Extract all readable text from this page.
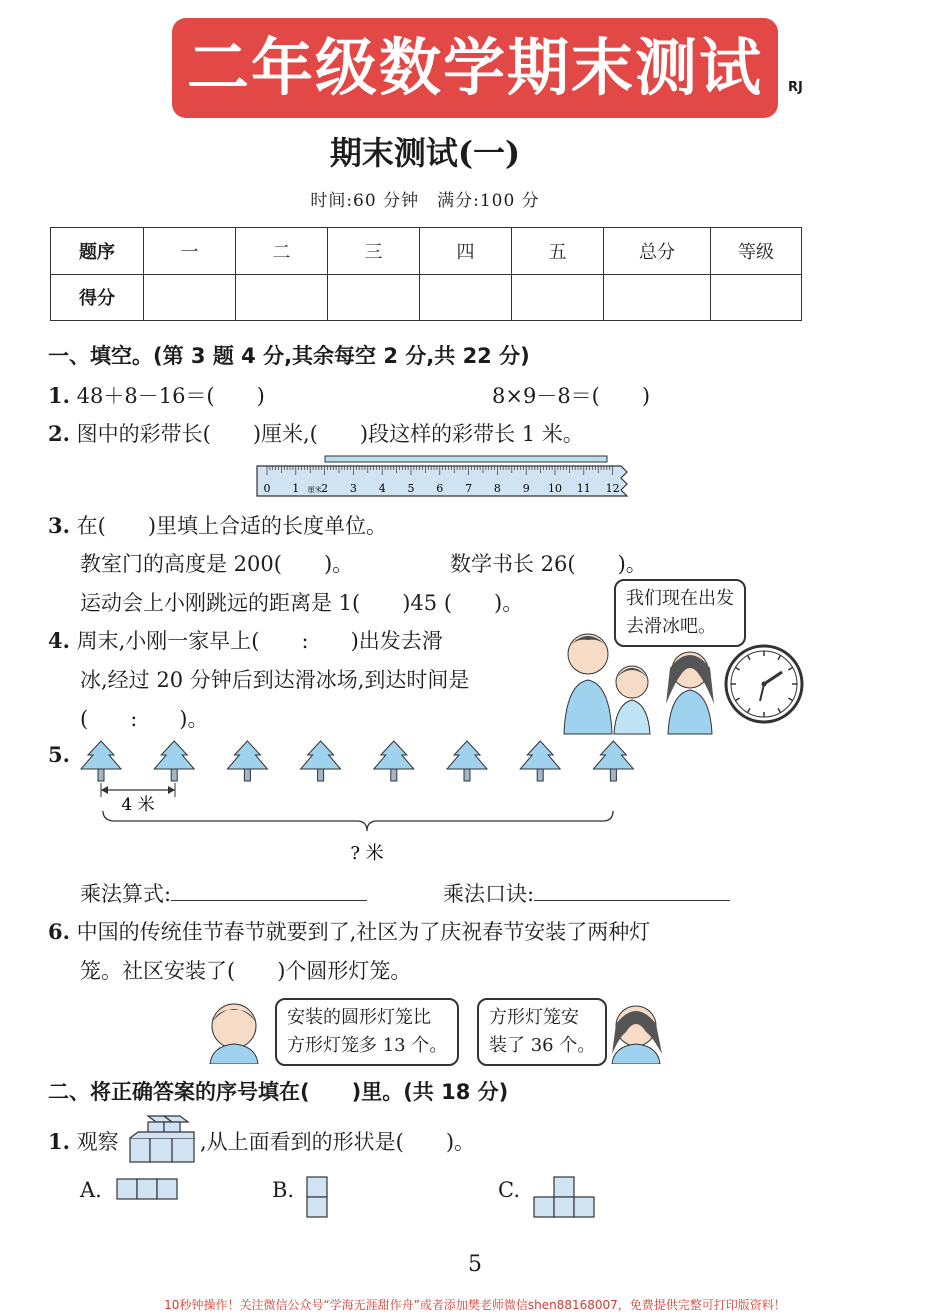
二年级数学期末测试	RJ
期末测试(一)
时间:60 分钟　满分:100 分
题序	一	二	三	四	五	总分	等级
得分							
一、填空。(第 3 题 4 分,其余每空 2 分,共 22 分)
1. 48＋8－16＝(　　)	8×9－8＝(　　)
2. 图中的彩带长(　　)厘米,(　　)段这样的彩带长 1 米。
0 1 2 3 4 5 6 7 8 9 10 11 12
厘米
3. 在(　　)里填上合适的长度单位。
教室门的高度是 200(　　)。	数学书长 26(　　)。
运动会上小刚跳远的距离是 1(　　)45 (　　)。
4. 周末,小刚一家早上(　　:　　)出发去滑
冰,经过 20 分钟后到达滑冰场,到达时间是
(　　:　　)。
我们现在出发
去滑冰吧。
5.
4 米
? 米
乘法算式:	乘法口诀:
6. 中国的传统佳节春节就要到了,社区为了庆祝春节安装了两种灯
笼。社区安装了(　　)个圆形灯笼。
安装的圆形灯笼比
方形灯笼多 13 个。
方形灯笼安
装了 36 个。
二、将正确答案的序号填在(　　)里。(共 18 分)
1. 观察	,从上面看到的形状是(　　)。
A.	B.	C.
5
10秒钟操作！关注微信公众号“学海无涯甜作舟”或者添加樊老师微信shen88168007，免费提供完整可打印版资料！
